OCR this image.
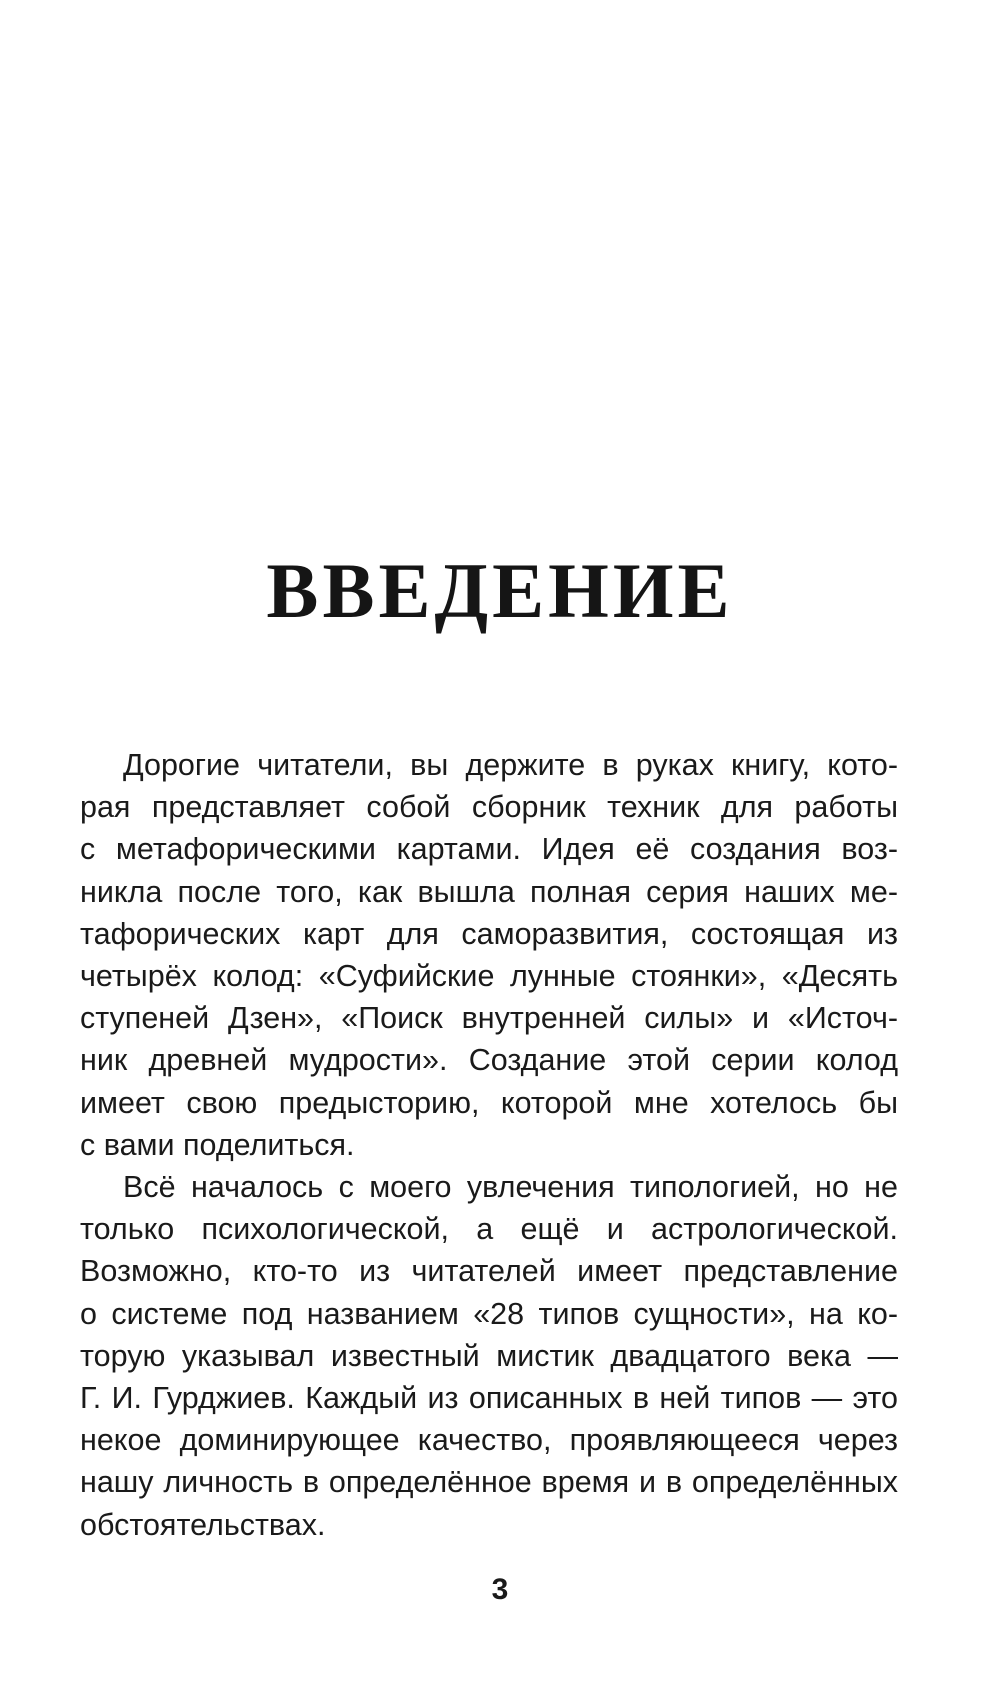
ВВЕДЕНИЕ

Дорогие читатели, вы держите в руках книгу, кото-
рая представляет собой сборник техник для работы
с метафорическими картами. Идея её создания воз-
никла после того, как вышла полная серия наших ме-
тафорических карт для саморазвития, состоящая из
четырёх колод: «Суфийские лунные стоянки», «Десять
ступеней Дзен», «Поиск внутренней силы» и «Источ-
ник древней мудрости». Создание этой серии колод
имеет свою предысторию, которой мне хотелось бы
с вами поделиться.

Всё началось с моего увлечения типологией, но не
только психологической, а ещё и астрологической.
Возможно, кто-то из читателей имеет представление
о системе под названием «28 типов сущности», на ко-
торую указывал известный мистик двадцатого века —
Г. И. Гурджиев. Каждый из описанных в ней типов — это
некое доминирующее качество, проявляющееся через
нашу личность в определённое время и в определённых
обстоятельствах.

3
